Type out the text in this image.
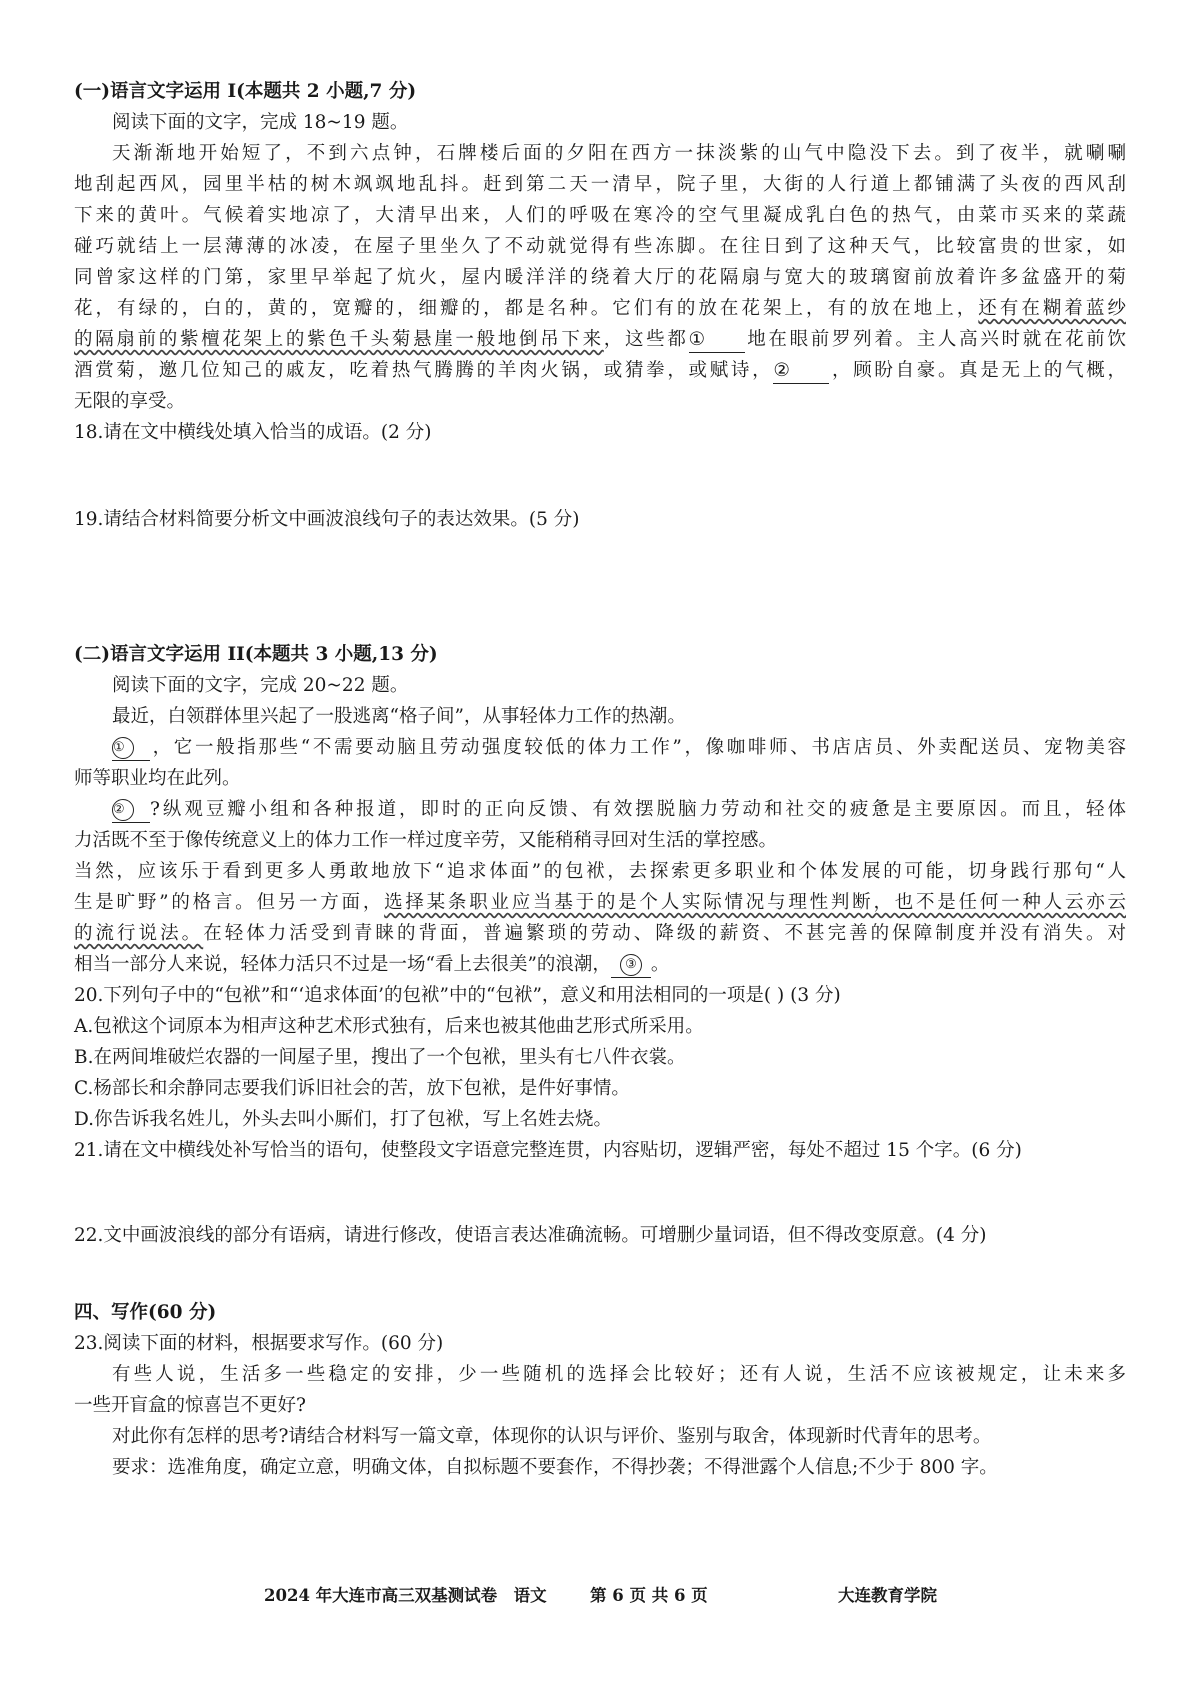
(一)语言文字运用 I(本题共 2 小题,7 分)

阅读下面的文字，完成 18~19 题。

天渐渐地开始短了，不到六点钟，石牌楼后面的夕阳在西方一抹淡紫的山气中隐没下去。到了夜半，就唰唰

地刮起西风，园里半枯的树木飒飒地乱抖。赶到第二天一清早，院子里，大街的人行道上都铺满了头夜的西风刮

下来的黄叶。气候着实地凉了，大清早出来，人们的呼吸在寒冷的空气里凝成乳白色的热气，由菜市买来的菜蔬

碰巧就结上一层薄薄的冰凌，在屋子里坐久了不动就觉得有些冻脚。在往日到了这种天气，比较富贵的世家，如

同曾家这样的门第，家里早举起了炕火，屋内暖洋洋的绕着大厅的花隔扇与宽大的玻璃窗前放着许多盆盛开的菊

花，有绿的，白的，黄的，宽瓣的，细瓣的，都是名种。它们有的放在花架上，有的放在地上，还有在糊着蓝纱

的隔扇前的紫檀花架上的紫色千头菊悬崖一般地倒吊下来，这些都① 地在眼前罗列着。主人高兴时就在花前饮

酒赏菊，邀几位知己的戚友，吃着热气腾腾的羊肉火锅，或猜拳，或赋诗，② ，顾盼自豪。真是无上的气概，

无限的享受。

18.请在文中横线处填入恰当的成语。(2 分)

19.请结合材料简要分析文中画波浪线句子的表达效果。(5 分)

(二)语言文字运用 II(本题共 3 小题,13 分)

阅读下面的文字，完成 20~22 题。

最近，白领群体里兴起了一股逃离“格子间”，从事轻体力工作的热潮。

① ，它一般指那些“不需要动脑且劳动强度较低的体力工作”，像咖啡师、书店店员、外卖配送员、宠物美容

师等职业均在此列。

② ?纵观豆瓣小组和各种报道，即时的正向反馈、有效摆脱脑力劳动和社交的疲惫是主要原因。而且，轻体

力活既不至于像传统意义上的体力工作一样过度辛劳，又能稍稍寻回对生活的掌控感。

当然，应该乐于看到更多人勇敢地放下“追求体面”的包袱，去探索更多职业和个体发展的可能，切身践行那句“人

生是旷野”的格言。但另一方面，选择某条职业应当基于的是个人实际情况与理性判断，也不是任何一种人云亦云

的流行说法。在轻体力活受到青睐的背面，普遍繁琐的劳动、降级的薪资、不甚完善的保障制度并没有消失。对

相当一部分人来说，轻体力活只不过是一场“看上去很美”的浪潮， ③ 。

20.下列句子中的“包袱”和“‘追求体面’的包袱”中的“包袱”，意义和用法相同的一项是( ) (3 分)

A.包袱这个词原本为相声这种艺术形式独有，后来也被其他曲艺形式所采用。

B.在两间堆破烂农器的一间屋子里，搜出了一个包袱，里头有七八件衣裳。

C.杨部长和余静同志要我们诉旧社会的苦，放下包袱，是件好事情。

D.你告诉我名姓儿，外头去叫小厮们，打了包袱，写上名姓去烧。

21.请在文中横线处补写恰当的语句，使整段文字语意完整连贯，内容贴切，逻辑严密，每处不超过 15 个字。(6 分)

22.文中画波浪线的部分有语病，请进行修改，使语言表达准确流畅。可增删少量词语，但不得改变原意。(4 分)

四、写作(60 分)

23.阅读下面的材料，根据要求写作。(60 分)

有些人说，生活多一些稳定的安排，少一些随机的选择会比较好；还有人说，生活不应该被规定，让未来多

一些开盲盒的惊喜岂不更好?

对此你有怎样的思考?请结合材料写一篇文章，体现你的认识与评价、鉴别与取舍，体现新时代青年的思考。

要求：选准角度，确定立意，明确文体，自拟标题不要套作，不得抄袭；不得泄露个人信息;不少于 800 字。

2024 年大连市高三双基测试卷　语文	第 6 页 共 6 页	大连教育学院
